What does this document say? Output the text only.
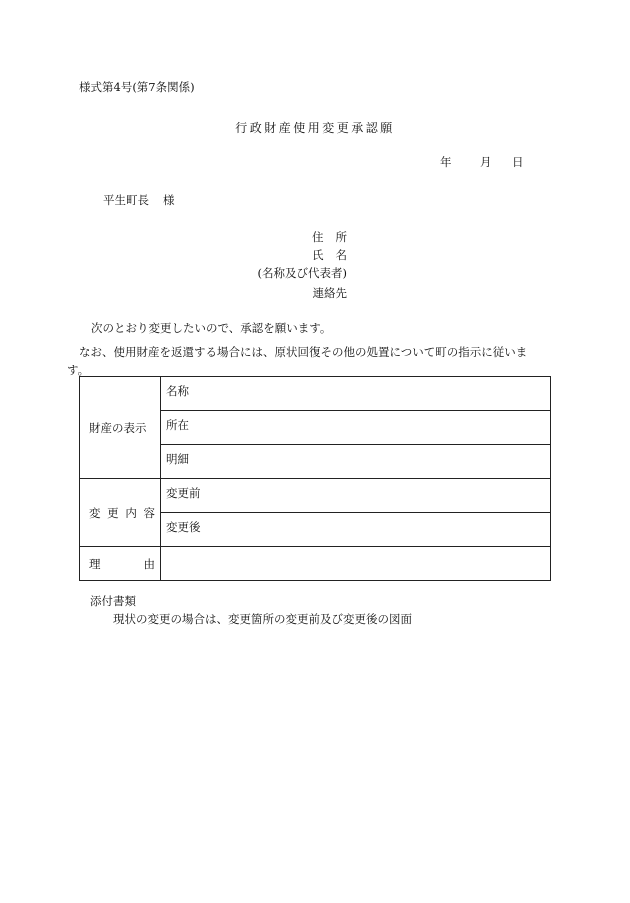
様式第4号(第7条関係)
行政財産使用変更承認願
年 月 日
平生町長 様
住 所
氏 名
(名称及び代表者)
連絡先
次のとおり変更したいので、承認を願います。
なお、使用財産を返還する場合には、原状回復その他の処置について町の指示に従います。
財産の表示	名称
	所在
	明細

変 更 内 容	変更前
	変更後

理 由	

添付書類
現状の変更の場合は、変更箇所の変更前及び変更後の図面
